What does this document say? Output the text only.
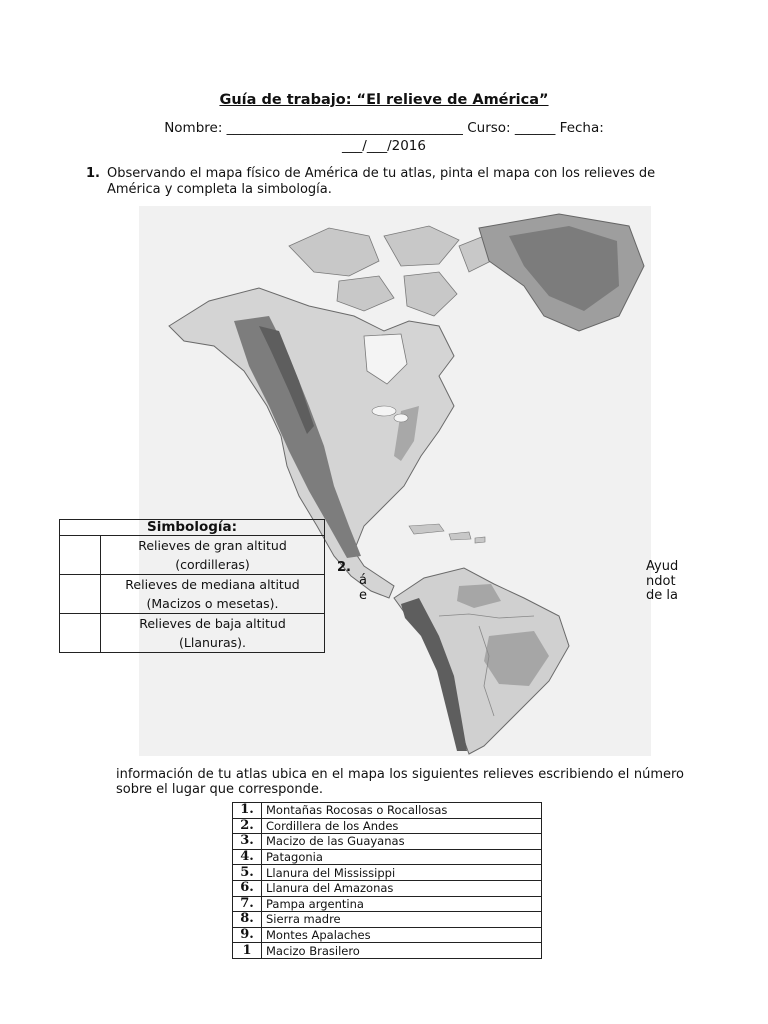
Guía de trabajo: “El relieve de América”
Nombre: ___________________________________ Curso: ______ Fecha:
___/___/2016
1. Observando el mapa físico de América de tu atlas, pinta el mapa con los relieves de América y completa la simbología.
Simbología:	
	Relieves de gran altitud
(cordilleras)
	Relieves de mediana altitud
(Macizos o mesetas).
	Relieves de baja altitud
(Llanuras).
2.
á
e
Ayud
ndot
de la
información de tu atlas ubica en el mapa los siguientes relieves escribiendo el número sobre el lugar que corresponde.
1.	Montañas Rocosas o Rocallosas
2.	Cordillera de los Andes
3.	Macizo de las Guayanas
4.	Patagonia
5.	Llanura del Mississippi
6.	Llanura del Amazonas
7.	Pampa argentina
8.	Sierra madre
9.	Montes Apalaches
1	Macizo Brasilero
